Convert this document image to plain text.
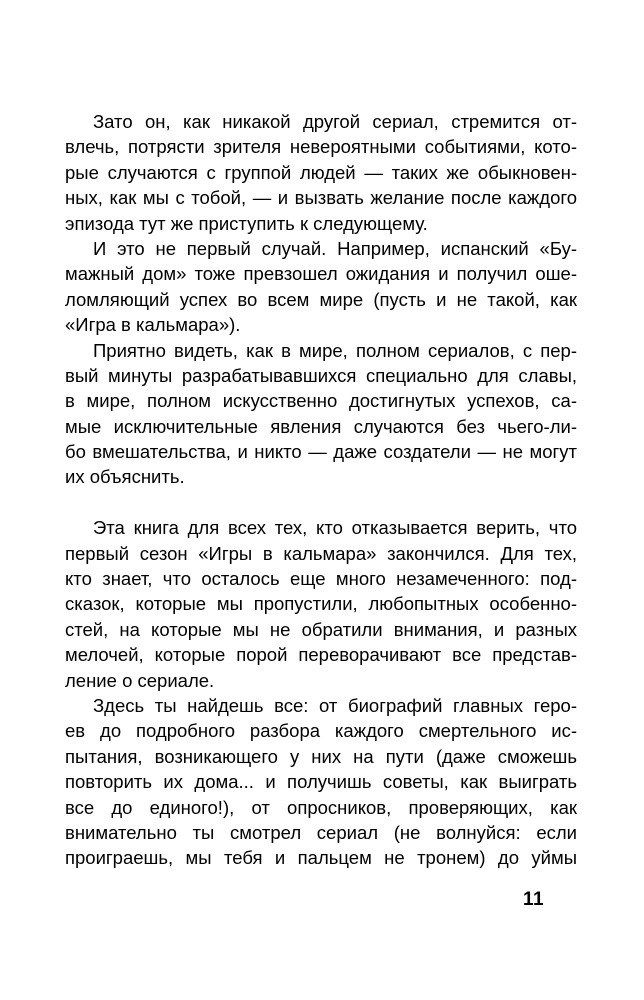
Зато он, как никакой другой сериал, стремится от-
влечь, потрясти зрителя невероятными событиями, кото-
рые случаются с группой людей — таких же обыкновен-
ных, как мы с тобой, — и вызвать желание после каждого
эпизода тут же приступить к следующему.
И это не первый случай. Например, испанский «Бу-
мажный дом» тоже превзошел ожидания и получил оше-
ломляющий успех во всем мире (пусть и не такой, как
«Игра в кальмара»).
Приятно видеть, как в мире, полном сериалов, с пер-
вый минуты разрабатывавшихся специально для славы,
в мире, полном искусственно достигнутых успехов, са-
мые исключительные явления случаются без чьего-ли-
бо вмешательства, и никто — даже создатели — не могут
их объяснить.
Эта книга для всех тех, кто отказывается верить, что
первый сезон «Игры в кальмара» закончился. Для тех,
кто знает, что осталось еще много незамеченного: под-
сказок, которые мы пропустили, любопытных особенно-
стей, на которые мы не обратили внимания, и разных
мелочей, которые порой переворачивают все представ-
ление о сериале.
Здесь ты найдешь все: от биографий главных геро-
ев до подробного разбора каждого смертельного ис-
пытания, возникающего у них на пути (даже сможешь
повторить их дома... и получишь советы, как выиграть
все до единого!), от опросников, проверяющих, как
внимательно ты смотрел сериал (не волнуйся: если
проиграешь, мы тебя и пальцем не тронем) до уймы
11
